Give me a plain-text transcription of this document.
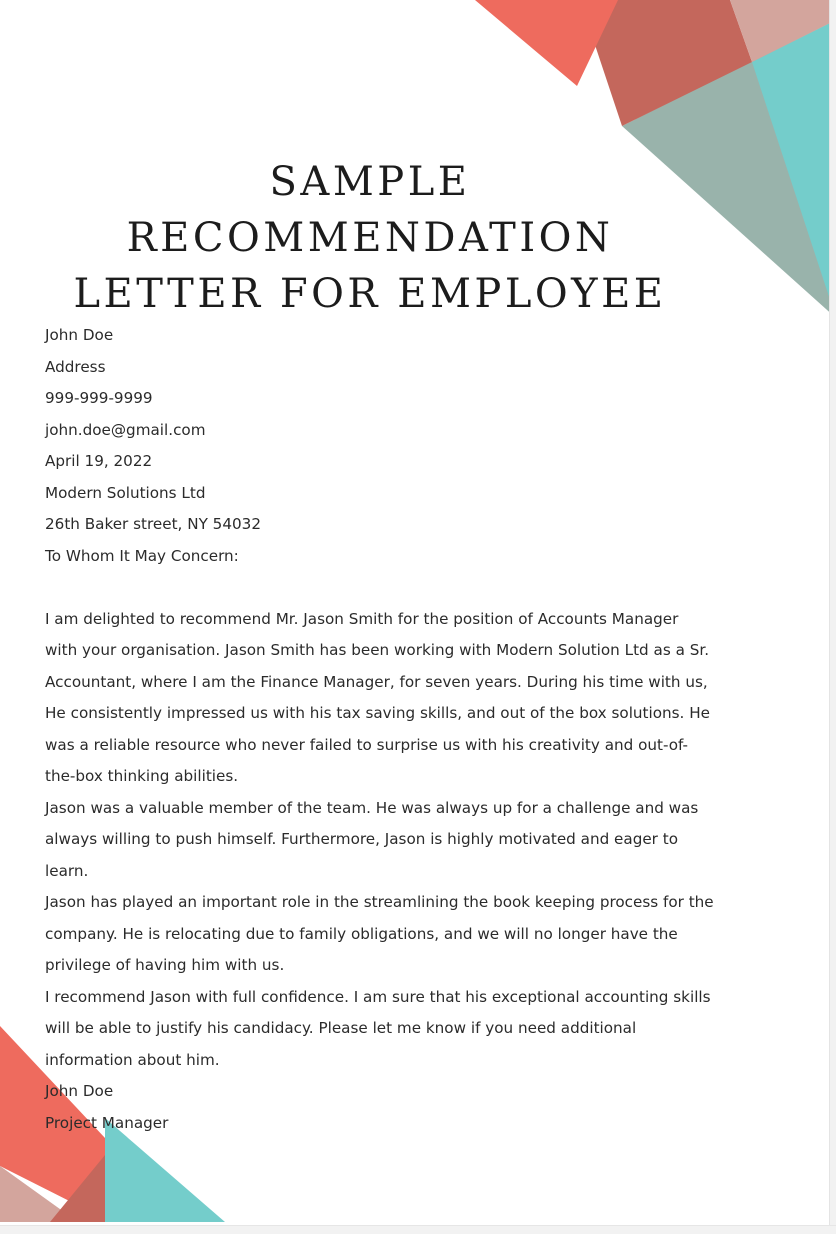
SAMPLE
RECOMMENDATION
LETTER FOR EMPLOYEE
John Doe
Address
999-999-9999
john.doe@gmail.com
April 19, 2022
Modern Solutions Ltd
26th Baker street, NY 54032
To Whom It May Concern:
I am delighted to recommend Mr. Jason Smith for the position of Accounts Manager
with your organisation. Jason Smith has been working with Modern Solution Ltd as a Sr.
Accountant, where I am the Finance Manager, for seven years. During his time with us,
He consistently impressed us with his tax saving skills, and out of the box solutions. He
was a reliable resource who never failed to surprise us with his creativity and out-of-
the-box thinking abilities.
Jason was a valuable member of the team. He was always up for a challenge and was
always willing to push himself. Furthermore, Jason is highly motivated and eager to
learn.
Jason has played an important role in the streamlining the book keeping process for the
company. He is relocating due to family obligations, and we will no longer have the
privilege of having him with us.
I recommend Jason with full confidence. I am sure that his exceptional accounting skills
will be able to justify his candidacy. Please let me know if you need additional
information about him.
John Doe
Project Manager
